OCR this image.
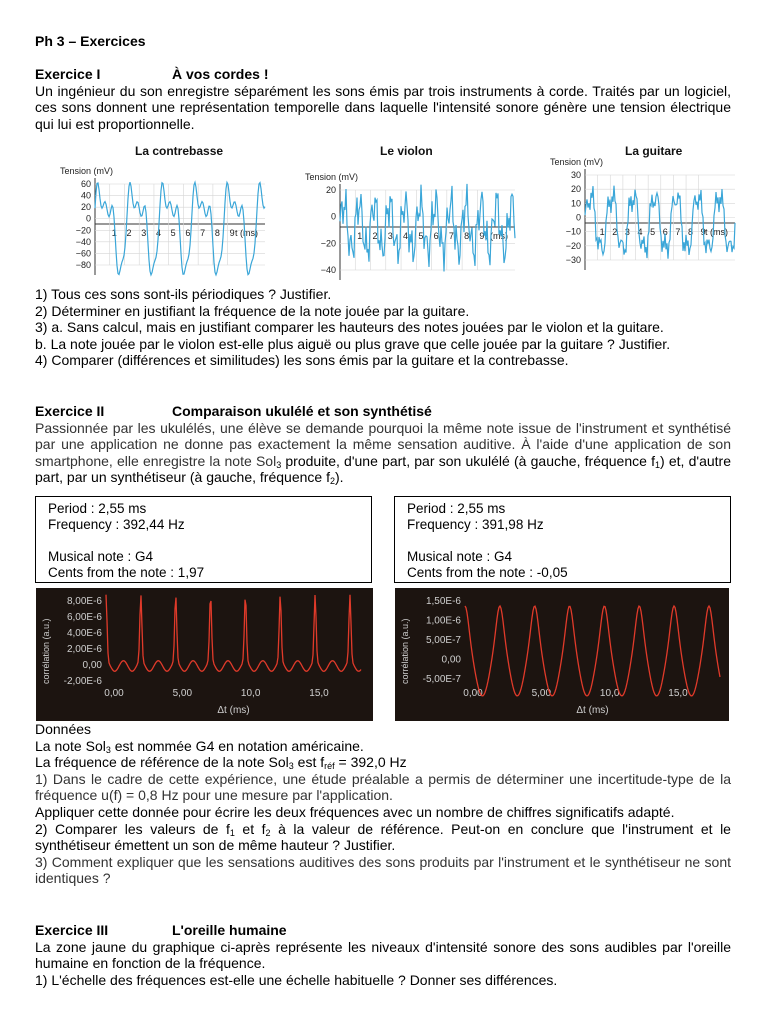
Ph 3 – Exercices
Exercice I	À vos cordes !

Un ingénieur du son enregistre séparément les sons émis par trois instruments à corde. Traités par un logiciel, ces sons donnent une représentation temporelle dans laquelle l'intensité sonore génère une tension électrique qui lui est proportionnelle.

La contrebasse
Tension (mV)
60
40
20
0
−20
−40
−60
−80
1 2 3 4 5 6 7 8 9 t (ms)
Le violon
Tension (mV)
20
0
−20
−40
1 2 3 4 5 6 7 8 9 t (ms)
La guitare
Tension (mV)
30
20
10
0
−10
−20
−30
1 2 3 4 5 6 7 8 9 t (ms)

1) Tous ces sons sont-ils périodiques ? Justifier.

2) Déterminer en justifiant la fréquence de la note jouée par la guitare.

3) a. Sans calcul, mais en justifiant comparer les hauteurs des notes jouées par le violon et la guitare.

b. La note jouée par le violon est-elle plus aiguë ou plus grave que celle jouée par la guitare ? Justifier.

4) Comparer (différences et similitudes) les sons émis par la guitare et la contrebasse.

Exercice II	Comparaison ukulélé et son synthétisé

Passionnée par les ukulélés, une élève se demande pourquoi la même note issue de l'instrument et synthétisé par une application ne donne pas exactement la même sensation auditive. À l'aide d'une application de son smartphone, elle enregistre la note Sol$_3$ produite, d'une part, par son ukulélé (à gauche, fréquence $f_1$) et, d'autre part, par un synthétiseur (à gauche, fréquence $f_2$).

Period : 2,55 ms
Frequency : 392,44 Hz
Musical note : G4
Cents from the note : 1,97
Period : 2,55 ms
Frequency : 391,98 Hz
Musical note : G4
Cents from the note : -0,05
8,00E-6
6,00E-6
4,00E-6
2,00E-6
0,00
-2,00E-6
corrélation (a.u.)
0,00	5,00	10,0	15,0
Δt (ms)
1,50E-6
1,00E-6
5,00E-7
0,00
-5,00E-7
corrélation (a.u.)
0,00	5,00	10,0	15,0
Δt (ms)

Données

La note Sol$_3$ est nommée G4 en notation américaine.

La fréquence de référence de la note Sol$_3$ est $f_{réf} = 392,0$ Hz

1) Dans le cadre de cette expérience, une étude préalable a permis de déterminer une incertitude-type de la fréquence u(f) = 0,8 Hz pour une mesure par l'application.

Appliquer cette donnée pour écrire les deux fréquences avec un nombre de chiffres significatifs adapté.

2) Comparer les valeurs de $f_1$ et $f_2$ à la valeur de référence. Peut-on en conclure que l'instrument et le synthétiseur émettent un son de même hauteur ? Justifier.

3) Comment expliquer que les sensations auditives des sons produits par l'instrument et le synthétiseur ne sont identiques ?

Exercice III	L'oreille humaine

La zone jaune du graphique ci-après représente les niveaux d'intensité sonore des sons audibles par l'oreille humaine en fonction de la fréquence.

1) L'échelle des fréquences est-elle une échelle habituelle ? Donner ses différences.
